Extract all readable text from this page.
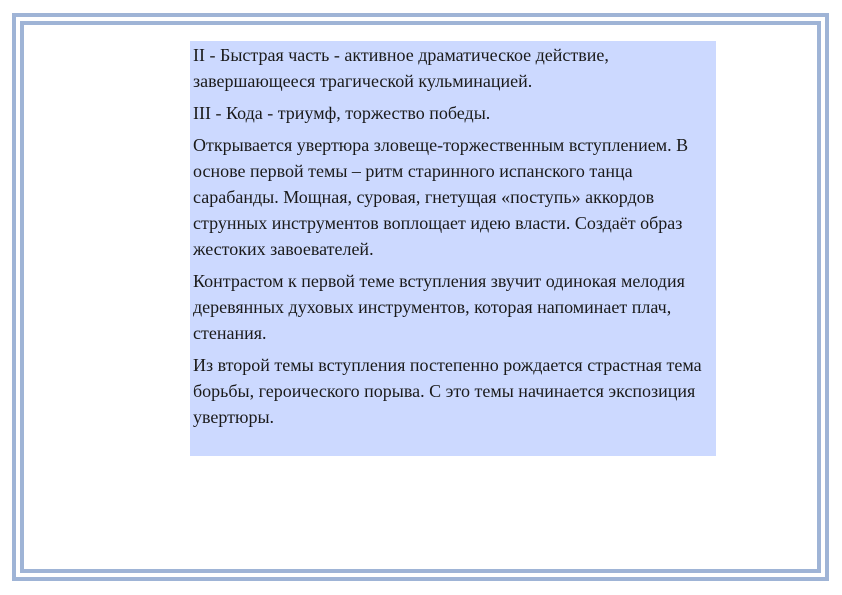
II - Быстрая часть - активное драматическое действие, завершающееся трагической кульминацией.

III - Кода - триумф, торжество победы.

Открывается увертюра зловеще-торжественным вступлением. В основе первой темы – ритм старинного испанского танца сарабанды. Мощная, суровая, гнетущая «поступь» аккордов струнных инструментов воплощает идею власти. Создаёт образ жестоких завоевателей.

Контрастом к первой теме вступления звучит одинокая мелодия деревянных духовых инструментов, которая напоминает плач, стенания.

Из второй темы вступления постепенно рождается страстная тема борьбы, героического порыва. С это темы начинается экспозиция увертюры.
